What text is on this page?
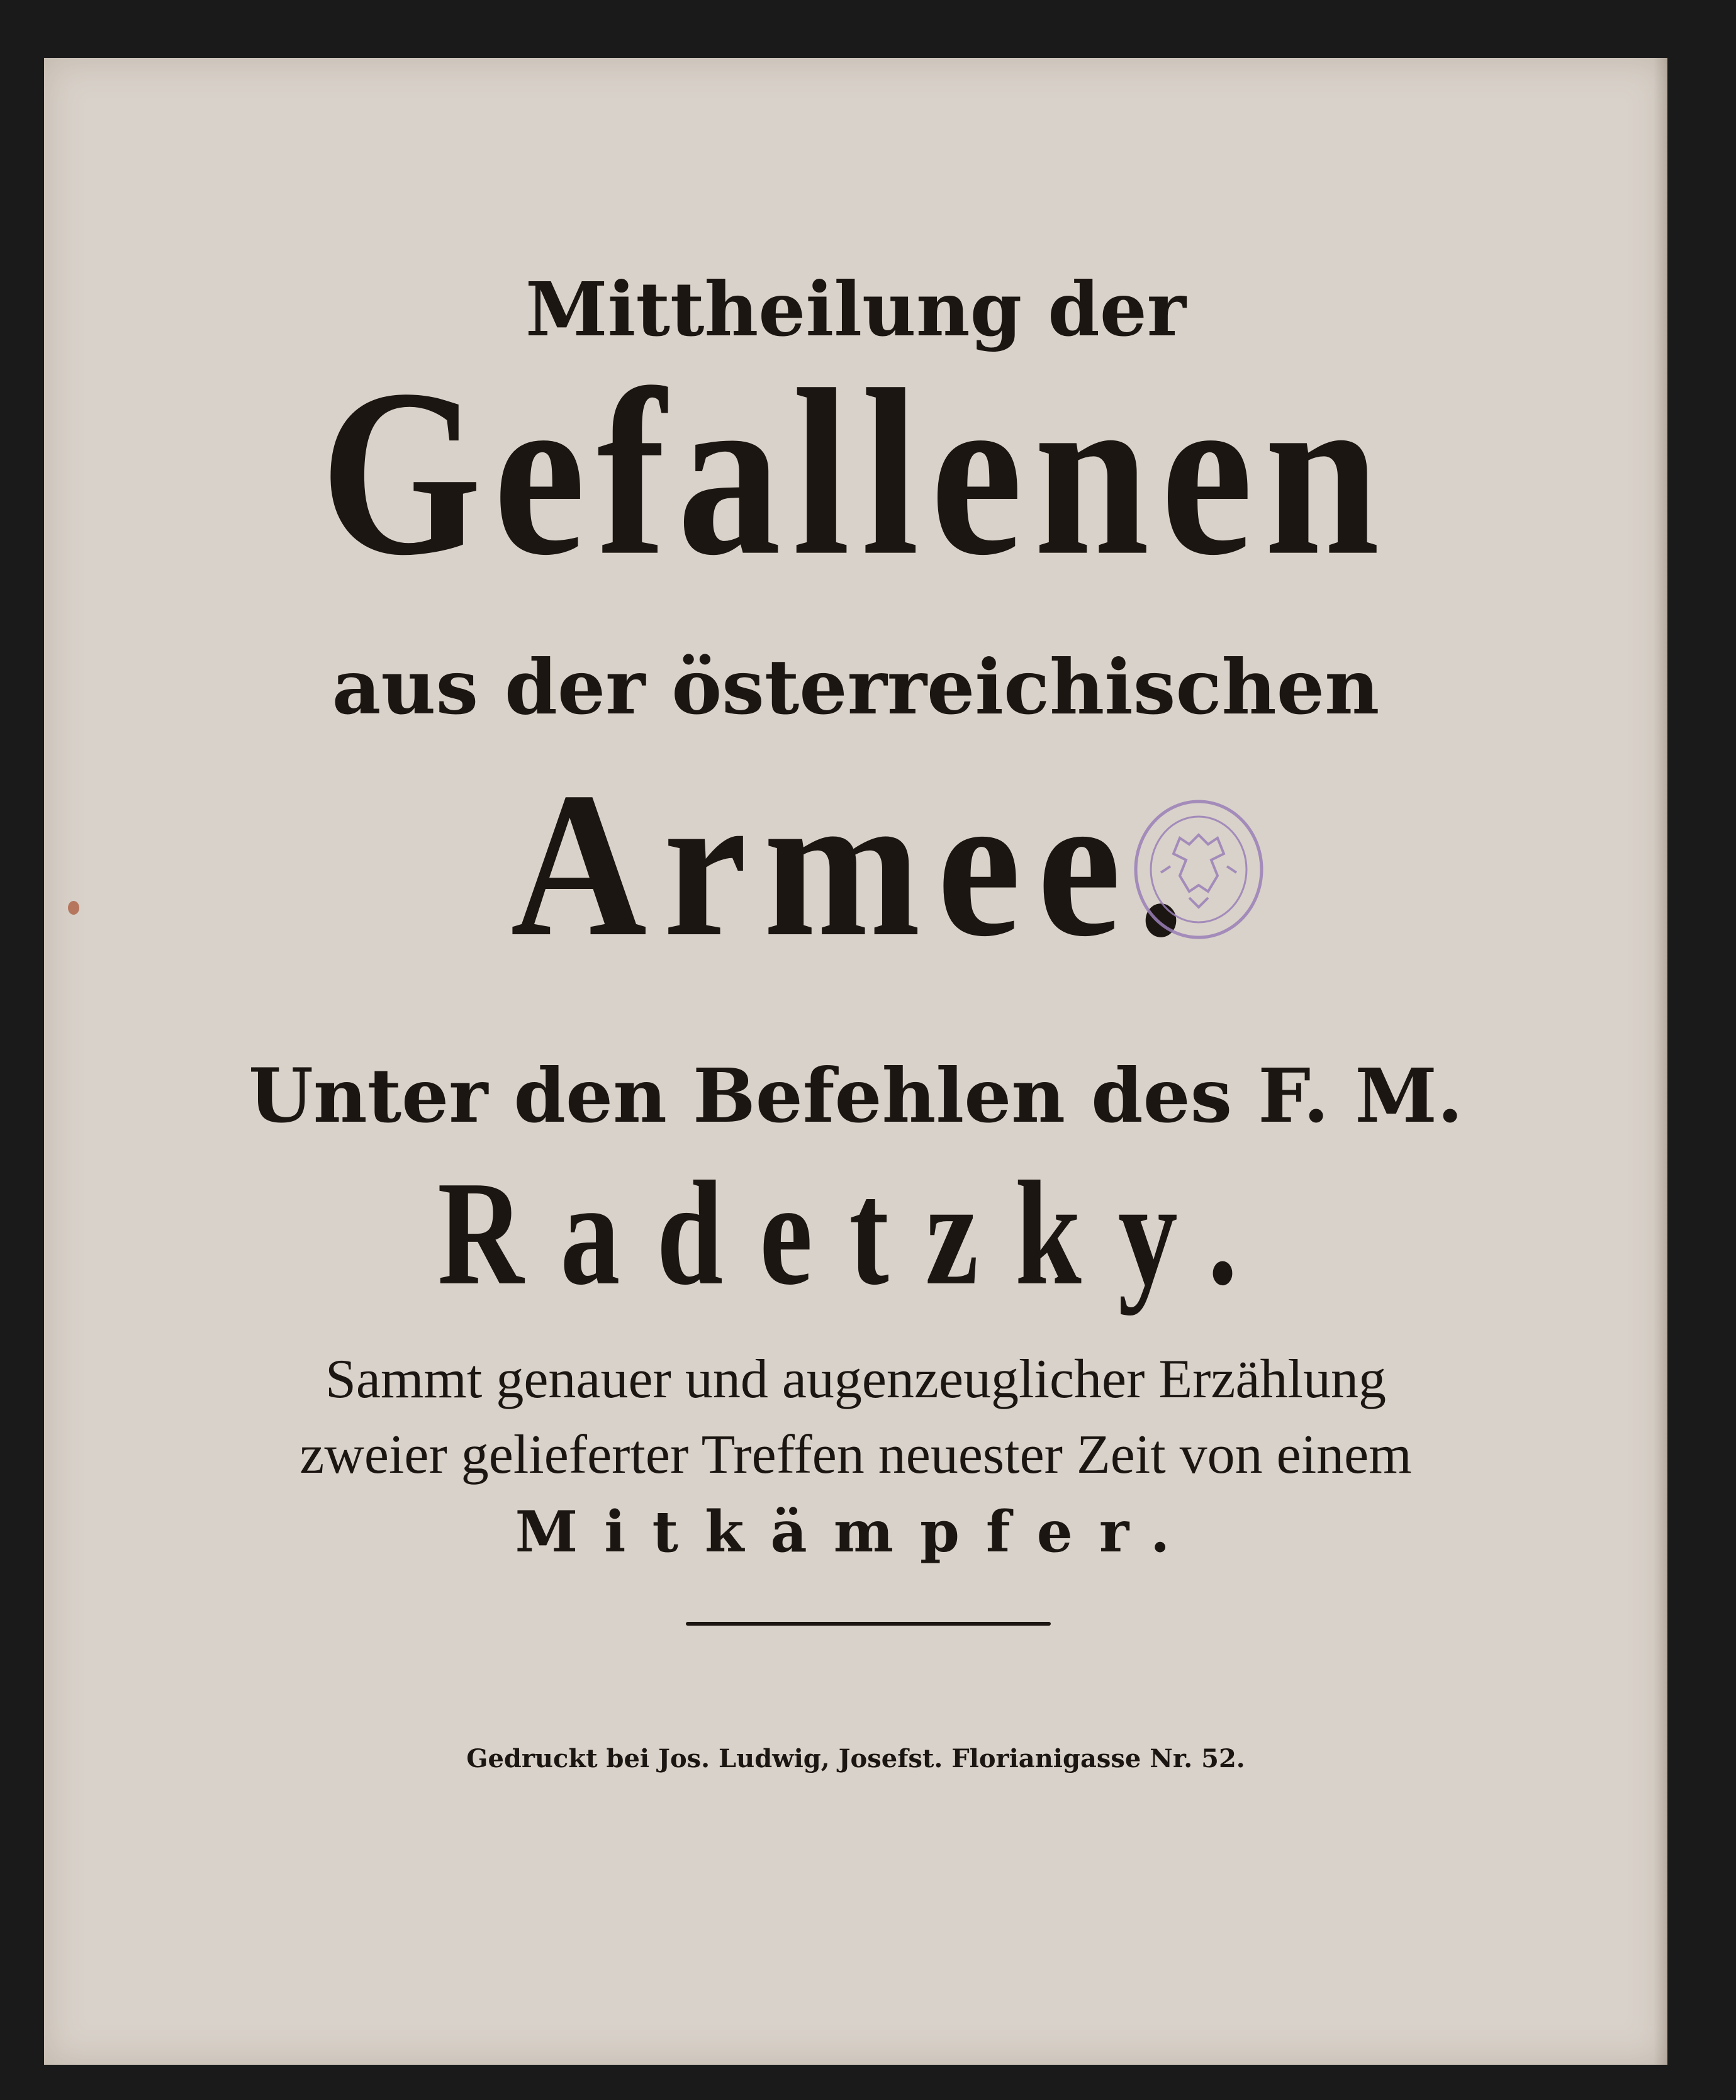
Mittheilung der
Gefallenen
aus der österreichischen
Armee.
Unter den Befehlen des F. M.
Radetzky.
Sammt genauer und augenzeuglicher Erzählung
zweier gelieferter Treffen neuester Zeit von einem
Mitkämpfer.
Gedruckt bei Jos. Ludwig, Josefst. Florianigasse Nr. 52.
